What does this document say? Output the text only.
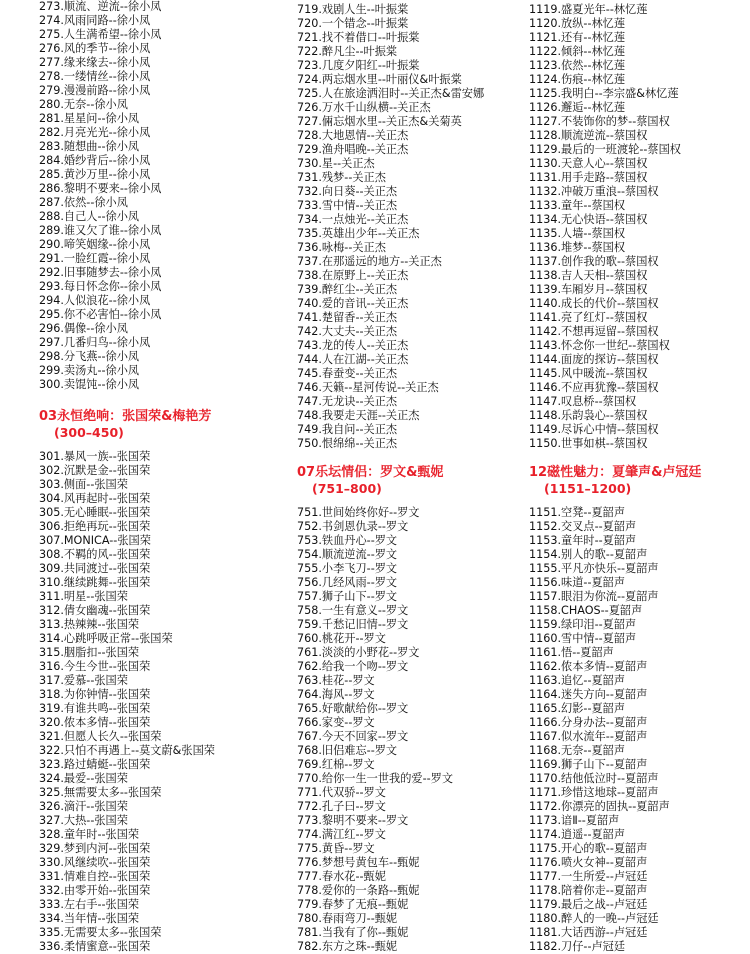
273.顺流、逆流--徐小凤
274.风雨同路--徐小凤
275.人生满希望--徐小凤
276.风的季节--徐小凤
277.缘来缘去--徐小凤
278.一缕情丝--徐小凤
279.漫漫前路--徐小凤
280.无奈--徐小凤
281.星星问--徐小凤
282.月亮光光--徐小凤
283.随想曲--徐小凤
284.婚纱背后--徐小凤
285.黄沙万里--徐小凤
286.黎明不要来--徐小凤
287.依然--徐小凤
288.自己人--徐小凤
289.谁又欠了谁--徐小凤
290.啼笑姻缘--徐小凤
291.一脸红霞--徐小凤
292.旧事随梦去--徐小凤
293.每日怀念你--徐小凤
294.人似浪花--徐小凤
295.你不必害怕--徐小凤
296.偶像--徐小凤
297.几番归鸟--徐小凤
298.分飞燕--徐小凤
299.卖汤丸--徐小凤
300.卖馄饨--徐小凤
03永恒绝响：张国荣&梅艳芳
(300–450)
301.暴风一族--张国荣
302.沉默是金--张国荣
303.侧面--张国荣
304.风再起时--张国荣
305.无心睡眠--张国荣
306.拒绝再玩--张国荣
307.MONICA--张国荣
308.不羁的风--张国荣
309.共同渡过--张国荣
310.继续跳舞--张国荣
311.明星--张国荣
312.倩女幽魂--张国荣
313.热辣辣--张国荣
314.心跳呼吸正常--张国荣
315.胭脂扣--张国荣
316.今生今世--张国荣
317.爱慕--张国荣
318.为你钟情--张国荣
319.有谁共鸣--张国荣
320.侬本多情--张国荣
321.但愿人长久--张国荣
322.只怕不再遇上--莫文蔚&张国荣
323.路过蜻蜓--张国荣
324.最爱--张国荣
325.無需要太多--张国荣
326.滴汗--张国荣
327.大热--张国荣
328.童年时--张国荣
329.梦到内河--张国荣
330.风继续吹--张国荣
331.情难自控--张国荣
332.由零开始--张国荣
333.左右手--张国荣
334.当年情--张国荣
335.无需要太多--张国荣
336.柔情蜜意--张国荣
719.戏剧人生--叶振棠
720.一个错念--叶振棠
721.找不着借口--叶振棠
722.醉凡尘--叶振棠
723.几度夕阳红--叶振棠
724.两忘烟水里--叶丽仪&叶振棠
725.人在旅途洒泪时--关正杰&雷安娜
726.万水千山纵横--关正杰
727.倆忘烟水里--关正杰&关菊英
728.大地恩情--关正杰
729.渔舟唱晚--关正杰
730.星--关正杰
731.残梦--关正杰
732.向日葵--关正杰
733.雪中情--关正杰
734.一点烛光--关正杰
735.英雄出少年--关正杰
736.咏梅--关正杰
737.在那遥远的地方--关正杰
738.在原野上--关正杰
739.醉红尘--关正杰
740.爱的音讯--关正杰
741.楚留香--关正杰
742.大丈夫--关正杰
743.龙的传人--关正杰
744.人在江湖--关正杰
745.春蚕变--关正杰
746.天籁--星河传说--关正杰
747.无龙诀--关正杰
748.我要走天涯--关正杰
749.我自问--关正杰
750.恨绵绵--关正杰
07乐坛情侣：罗文&甄妮
(751–800)
751.世间始终你好--罗文
752.书剑恩仇录--罗文
753.铁血丹心--罗文
754.顺流逆流--罗文
755.小李飞刀--罗文
756.几经风雨--罗文
757.狮子山下--罗文
758.一生有意义--罗文
759.千愁记旧情--罗文
760.桃花开--罗文
761.淡淡的小野花--罗文
762.给我一个吻--罗文
763.桂花--罗文
764.海风--罗文
765.好歌献给你--罗文
766.家变--罗文
767.今天不回家--罗文
768.旧侣难忘--罗文
769.红棉--罗文
770.给你一生一世我的爱--罗文
771.代双骄--罗文
772.孔子曰--罗文
773.黎明不要来--罗文
774.满江红--罗文
775.黄昏--罗文
776.梦想号黄包车--甄妮
777.春水花--甄妮
778.爱你的一条路--甄妮
779.春梦了无痕--甄妮
780.春雨弯刀--甄妮
781.当我有了你--甄妮
782.东方之珠--甄妮
1119.盛夏光年--林忆莲
1120.放纵--林忆莲
1121.还有--林忆莲
1122.倾斜--林忆莲
1123.依然--林忆莲
1124.伤痕--林忆莲
1125.我明白--李宗盛&林忆莲
1126.邂逅--林忆莲
1127.不装饰你的梦--蔡国权
1128.顺流逆流--蔡国权
1129.最后的一班渡轮--蔡国权
1130.天意人心--蔡国权
1131.用手走路--蔡国权
1132.冲破万重浪--蔡国权
1133.童年--蔡国权
1134.无心快语--蔡国权
1135.人墙--蔡国权
1136.堆梦--蔡国权
1137.创作我的歌--蔡国权
1138.吉人天相--蔡国权
1139.车厢岁月--蔡国权
1140.成长的代价--蔡国权
1141.亮了红灯--蔡国权
1142.不想再逗留--蔡国权
1143.怀念你一世纪--蔡国权
1144.面庞的探访--蔡国权
1145.风中暖流--蔡国权
1146.不应再犹豫--蔡国权
1147.叹息桥--蔡国权
1148.乐韵袅心--蔡国权
1149.尽诉心中情--蔡国权
1150.世事如棋--蔡国权
12磁性魅力：夏肇声&卢冠廷
(1151–1200)
1151.空凳--夏韶声
1152.交叉点--夏韶声
1153.童年时--夏韶声
1154.别人的歌--夏韶声
1155.平凡亦快乐--夏韶声
1156.味道--夏韶声
1157.眼泪为你流--夏韶声
1158.CHAOS--夏韶声
1159.绿印泪--夏韶声
1160.雪中情--夏韶声
1161.悟--夏韶声
1162.侬本多情--夏韶声
1163.追忆--夏韶声
1164.迷失方向--夏韶声
1165.幻影--夏韶声
1166.分身办法--夏韶声
1167.似水流年--夏韶声
1168.无奈--夏韶声
1169.狮子山下--夏韶声
1170.结他低泣时--夏韶声
1171.珍惜这地球--夏韶声
1172.你漂亮的固执--夏韶声
1173.谙Ⅱ--夏韶声
1174.逍遥--夏韶声
1175.开心的歌--夏韶声
1176.喷火女神--夏韶声
1177.一生所爱--卢冠廷
1178.陪着你走--夏韶声
1179.最后之战--卢冠廷
1180.醉人的一晚--卢冠廷
1181.大话西游--卢冠廷
1182.刀仔--卢冠廷
